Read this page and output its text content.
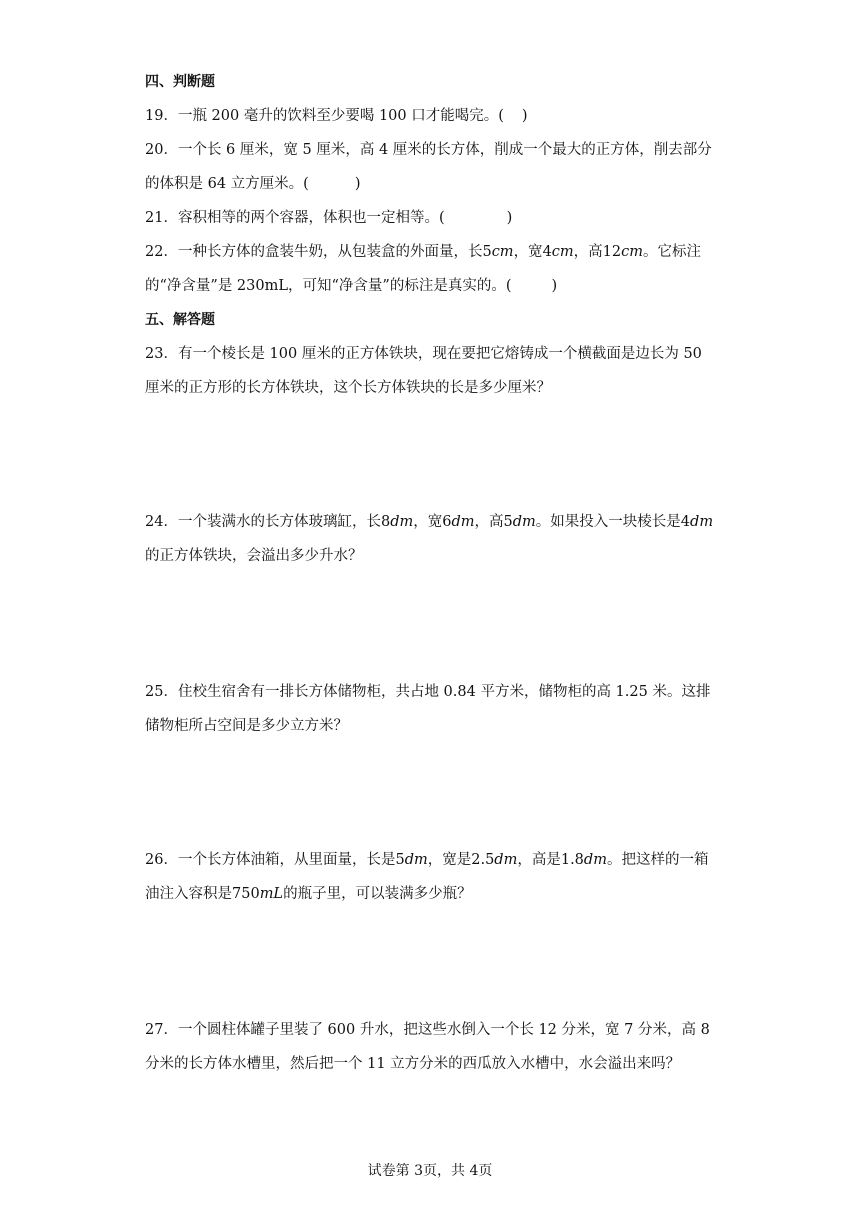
四、判断题
19．一瓶 200 毫升的饮料至少要喝 100 口才能喝完。( )
20．一个长 6 厘米，宽 5 厘米，高 4 厘米的长方体，削成一个最大的正方体，削去部分
的体积是 64 立方厘米。(	)
21．容积相等的两个容器，体积也一定相等。(	)
22．一种长方体的盒装牛奶，从包装盒的外面量，长5cm，宽4cm，高12cm。它标注
的“净含量”是 230mL，可知“净含量”的标注是真实的。(	)
五、解答题
23．有一个棱长是 100 厘米的正方体铁块，现在要把它熔铸成一个横截面是边长为 50
厘米的正方形的长方体铁块，这个长方体铁块的长是多少厘米？
24．一个装满水的长方体玻璃缸，长8dm，宽6dm，高5dm。如果投入一块棱长是4dm
的正方体铁块，会溢出多少升水？
25．住校生宿舍有一排长方体储物柜，共占地 0.84 平方米，储物柜的高 1.25 米。这排
储物柜所占空间是多少立方米？
26．一个长方体油箱，从里面量，长是5dm，宽是2.5dm，高是1.8dm。把这样的一箱
油注入容积是750mL的瓶子里，可以装满多少瓶？
27．一个圆柱体罐子里装了 600 升水，把这些水倒入一个长 12 分米，宽 7 分米，高 8
分米的长方体水槽里，然后把一个 11 立方分米的西瓜放入水槽中，水会溢出来吗？
试卷第 3页，共 4页
